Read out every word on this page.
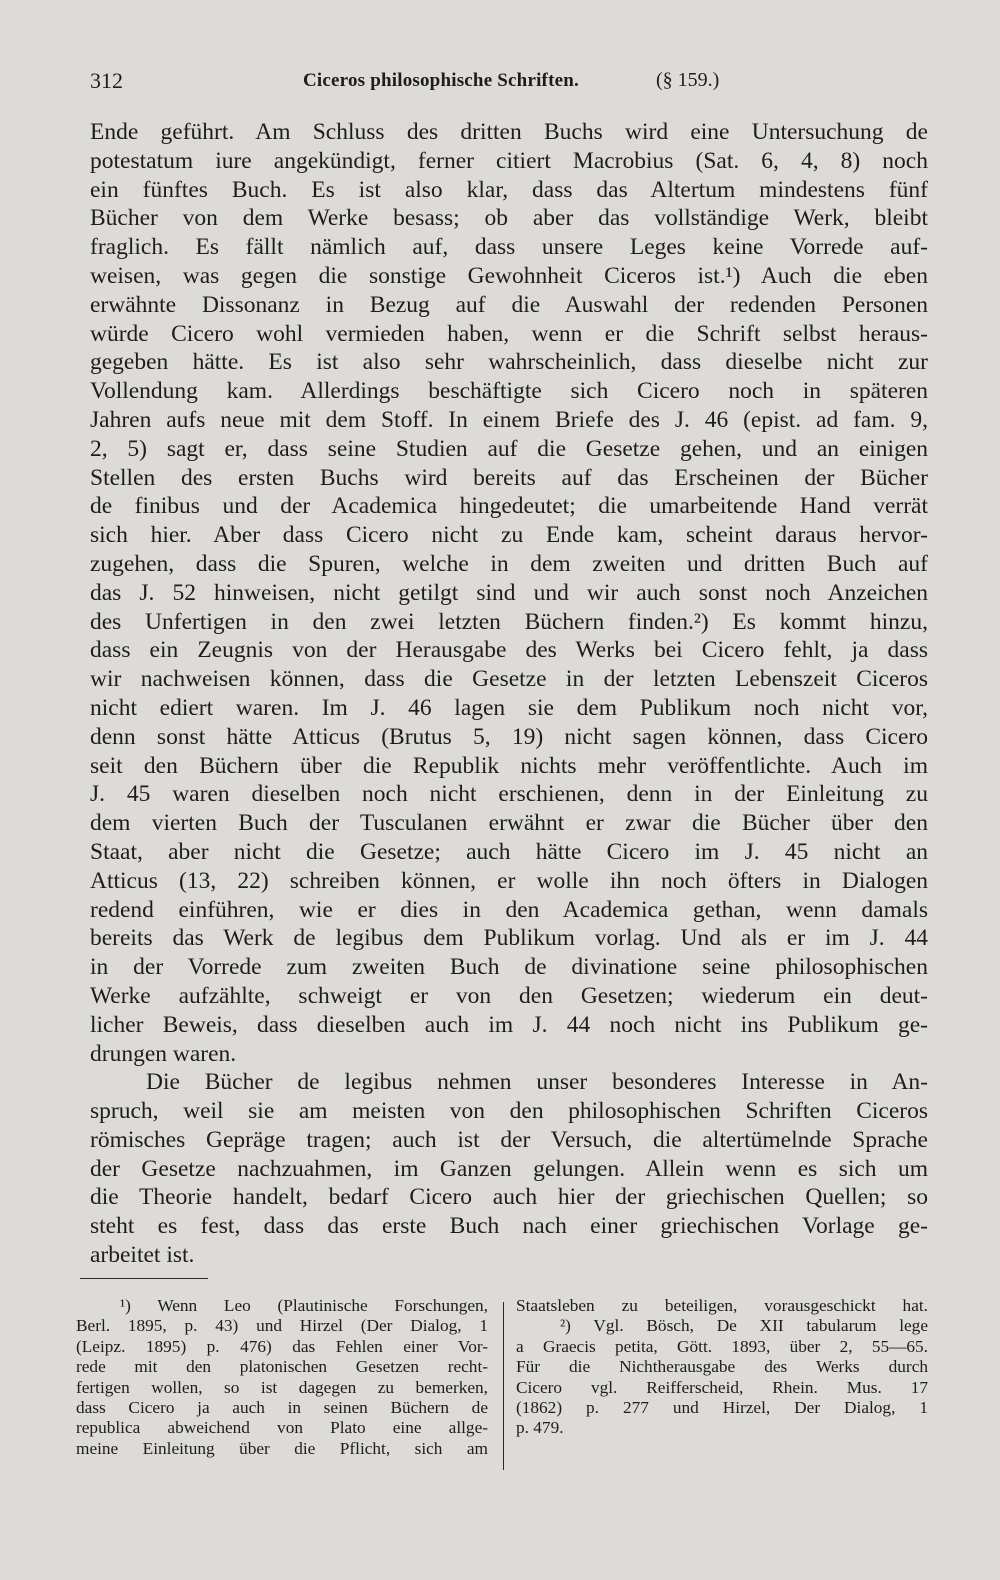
312	Ciceros philosophische Schriften.	(§ 159.)
Ende geführt. Am Schluss des dritten Buchs wird eine Untersuchung de
potestatum iure angekündigt, ferner citiert Macrobius (Sat. 6, 4, 8) noch
ein fünftes Buch. Es ist also klar, dass das Altertum mindestens fünf
Bücher von dem Werke besass; ob aber das vollständige Werk, bleibt
fraglich. Es fällt nämlich auf, dass unsere Leges keine Vorrede auf-
weisen, was gegen die sonstige Gewohnheit Ciceros ist.¹) Auch die eben
erwähnte Dissonanz in Bezug auf die Auswahl der redenden Personen
würde Cicero wohl vermieden haben, wenn er die Schrift selbst heraus-
gegeben hätte. Es ist also sehr wahrscheinlich, dass dieselbe nicht zur
Vollendung kam. Allerdings beschäftigte sich Cicero noch in späteren
Jahren aufs neue mit dem Stoff. In einem Briefe des J. 46 (epist. ad fam. 9,
2, 5) sagt er, dass seine Studien auf die Gesetze gehen, und an einigen
Stellen des ersten Buchs wird bereits auf das Erscheinen der Bücher
de finibus und der Academica hingedeutet; die umarbeitende Hand verrät
sich hier. Aber dass Cicero nicht zu Ende kam, scheint daraus hervor-
zugehen, dass die Spuren, welche in dem zweiten und dritten Buch auf
das J. 52 hinweisen, nicht getilgt sind und wir auch sonst noch Anzeichen
des Unfertigen in den zwei letzten Büchern finden.²) Es kommt hinzu,
dass ein Zeugnis von der Herausgabe des Werks bei Cicero fehlt, ja dass
wir nachweisen können, dass die Gesetze in der letzten Lebenszeit Ciceros
nicht ediert waren. Im J. 46 lagen sie dem Publikum noch nicht vor,
denn sonst hätte Atticus (Brutus 5, 19) nicht sagen können, dass Cicero
seit den Büchern über die Republik nichts mehr veröffentlichte. Auch im
J. 45 waren dieselben noch nicht erschienen, denn in der Einleitung zu
dem vierten Buch der Tusculanen erwähnt er zwar die Bücher über den
Staat, aber nicht die Gesetze; auch hätte Cicero im J. 45 nicht an
Atticus (13, 22) schreiben können, er wolle ihn noch öfters in Dialogen
redend einführen, wie er dies in den Academica gethan, wenn damals
bereits das Werk de legibus dem Publikum vorlag. Und als er im J. 44
in der Vorrede zum zweiten Buch de divinatione seine philosophischen
Werke aufzählte, schweigt er von den Gesetzen; wiederum ein deut-
licher Beweis, dass dieselben auch im J. 44 noch nicht ins Publikum ge-
drungen waren.
Die Bücher de legibus nehmen unser besonderes Interesse in An-
spruch, weil sie am meisten von den philosophischen Schriften Ciceros
römisches Gepräge tragen; auch ist der Versuch, die altertümelnde Sprache
der Gesetze nachzuahmen, im Ganzen gelungen. Allein wenn es sich um
die Theorie handelt, bedarf Cicero auch hier der griechischen Quellen; so
steht es fest, dass das erste Buch nach einer griechischen Vorlage ge-
arbeitet ist.
¹) Wenn Leo (Plautinische Forschungen,
Berl. 1895, p. 43) und Hirzel (Der Dialog, 1
(Leipz. 1895) p. 476) das Fehlen einer Vor-
rede mit den platonischen Gesetzen recht-
fertigen wollen, so ist dagegen zu bemerken,
dass Cicero ja auch in seinen Büchern de
republica abweichend von Plato eine allge-
meine Einleitung über die Pflicht, sich am
Staatsleben zu beteiligen, vorausgeschickt hat.
²) Vgl. Bösch, De XII tabularum lege
a Graecis petita, Gött. 1893, über 2, 55—65.
Für die Nichtherausgabe des Werks durch
Cicero vgl. Reifferscheid, Rhein. Mus. 17
(1862) p. 277 und Hirzel, Der Dialog, 1
p. 479.
